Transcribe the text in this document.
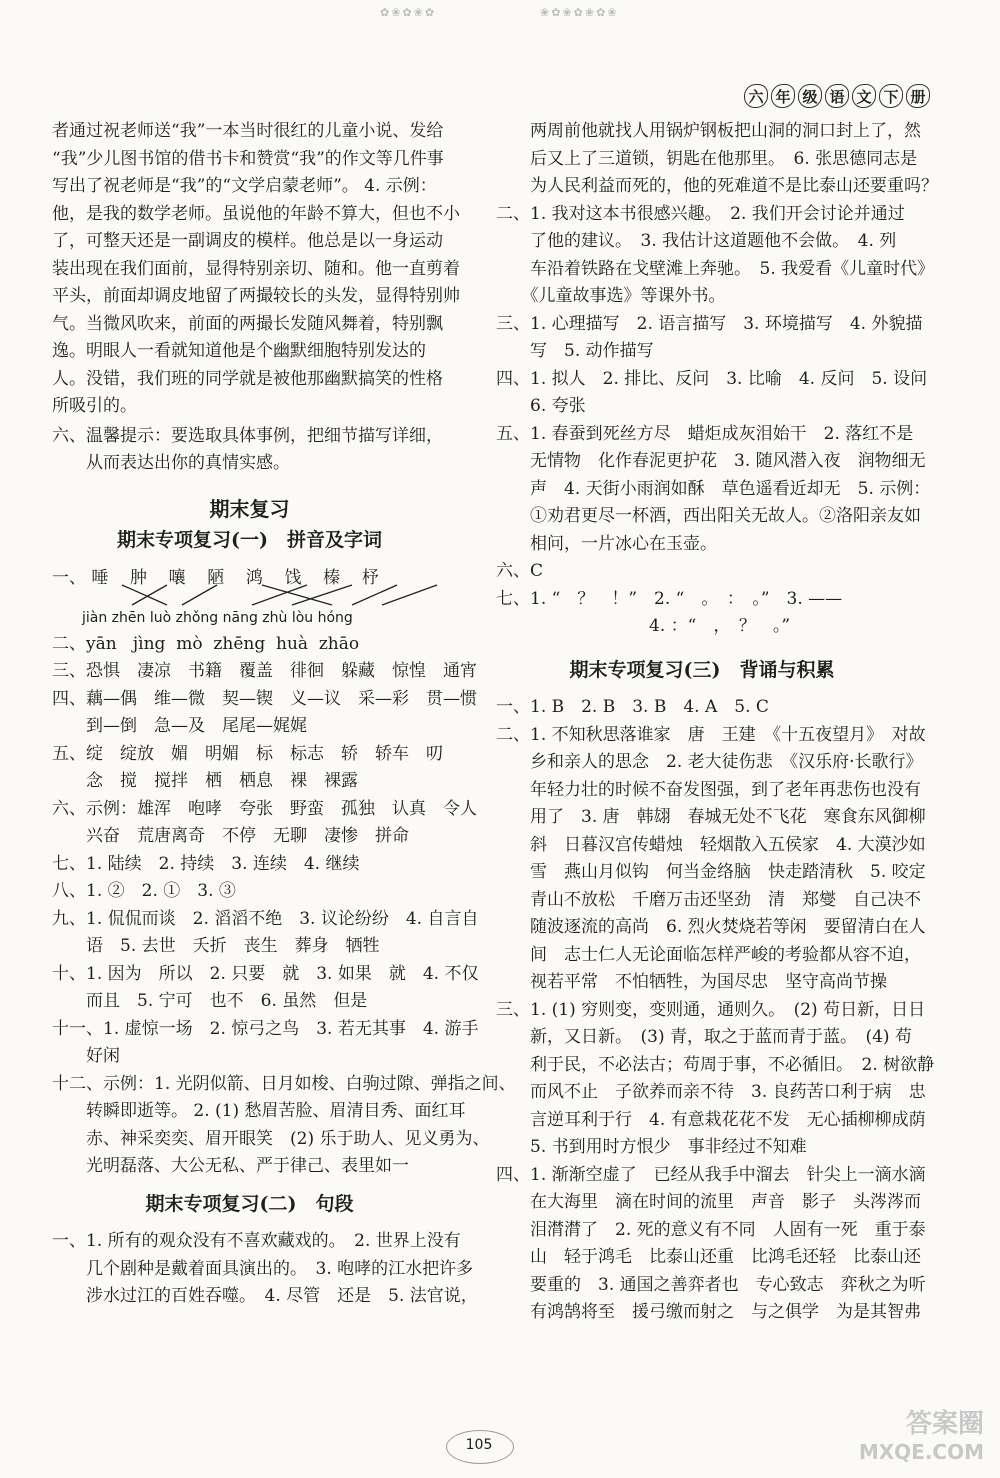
✿❀✿❀✿	❀✿❀✿❀✿❀
六 年 级 语 文 下 册
者通过祝老师送“我”一本当时很红的儿童小说、发给
“我”少儿图书馆的借书卡和赞赏“我”的作文等几件事
写出了祝老师是“我”的“文学启蒙老师”。 4. 示例：
他，是我的数学老师。虽说他的年龄不算大，但也不小
了，可整天还是一副调皮的模样。他总是以一身运动
装出现在我们面前，显得特别亲切、随和。他一直剪着
平头，前面却调皮地留了两撮较长的头发，显得特别帅
气。当微风吹来，前面的两撮长发随风舞着，特别飘
逸。明眼人一看就知道他是个幽默细胞特别发达的
人。没错，我们班的同学就是被他那幽默搞笑的性格
所吸引的。
六、温馨提示：要选取具体事例，把细节描写详细，从而表达出你的真情实感。
期末复习
期末专项复习(一)　拼音及字词
一、 唾    肿    嚷    陋    鸿    饯    榛    杼
jiàn zhēn luò zhǒng nāng zhù lòu hóng
二、yān   jìng  mò  zhēng  huà  zhāo
三、恐惧　凄凉　书籍　覆盖　徘徊　躲藏　惊惶　通宵
四、藕—偶　维—微　契—锲　义—议　采—彩　贯—惯
　　到—倒　急—及　尾尾—娓娓
五、绽　绽放　媚　明媚　标　标志　轿　轿车　叨
　　念　搅　搅拌　栖　栖息　裸　裸露
六、示例：雄浑　咆哮　夸张　野蛮　孤独　认真　令人
　　兴奋　荒唐离奇　不停　无聊　凄惨　拼命
七、1. 陆续　2. 持续　3. 连续　4. 继续
八、1. ②　2. ①　3. ③
九、1. 侃侃而谈　2. 滔滔不绝　3. 议论纷纷　4. 自言自
　　语　5. 去世　夭折　丧生　葬身　牺牲
十、1. 因为　所以　2. 只要　就　3. 如果　就　4. 不仅
　　而且　5. 宁可　也不　6. 虽然　但是
十一、1. 虚惊一场　2. 惊弓之鸟　3. 若无其事　4. 游手
　　好闲
十二、示例：1. 光阴似箭、日月如梭、白驹过隙、弹指之间、
　　转瞬即逝等。 2. (1) 愁眉苦脸、眉清目秀、面红耳
　　赤、神采奕奕、眉开眼笑　(2) 乐于助人、见义勇为、
　　光明磊落、大公无私、严于律己、表里如一
期末专项复习(二)　句段
一、1. 所有的观众没有不喜欢藏戏的。　2. 世界上没有
　　几个剧种是戴着面具演出的。　3. 咆哮的江水把许多
　　涉水过江的百姓吞噬。　4. 尽管　还是　5. 法官说，
　　两周前他就找人用锅炉钢板把山洞的洞口封上了，然
　　后又上了三道锁，钥匙在他那里。　6. 张思德同志是
　　为人民利益而死的，他的死难道不是比泰山还要重吗？
二、1. 我对这本书很感兴趣。　2. 我们开会讨论并通过
　　了他的建议。　3. 我估计这道题他不会做。　4. 列
　　车沿着铁路在戈壁滩上奔驰。　5. 我爱看《儿童时代》
　　《儿童故事选》等课外书。
三、1. 心理描写　2. 语言描写　3. 环境描写　4. 外貌描
　　写　5. 动作描写
四、1. 拟人　2. 排比、反问　3. 比喻　4. 反问　5. 设问
　　6. 夸张
五、1. 春蚕到死丝方尽　蜡炬成灰泪始干　2. 落红不是
　　无情物　化作春泥更护花　3. 随风潜入夜　润物细无
　　声　4. 天街小雨润如酥　草色遥看近却无　5. 示例：
　　①劝君更尽一杯酒，西出阳关无故人。②洛阳亲友如
　　相问，一片冰心在玉壶。
六、C
七、1. “　？　！”　2. “　。　：　。”　3. ——
　　　　　　　　　4. ：“　，　？　。”
期末专项复习(三)　背诵与积累
一、1. B　2. B　3. B　4. A　5. C
二、1. 不知秋思落谁家　唐　王建　《十五夜望月》　对故
　　乡和亲人的思念　2. 老大徒伤悲　《汉乐府·长歌行》
　　年轻力壮的时候不奋发图强，到了老年再悲伤也没有
　　用了　3. 唐　韩翃　春城无处不飞花　寒食东风御柳
　　斜　日暮汉宫传蜡烛　轻烟散入五侯家　4. 大漠沙如
　　雪　燕山月似钩　何当金络脑　快走踏清秋　5. 咬定
　　青山不放松　千磨万击还坚劲　清　郑燮　自己决不
　　随波逐流的高尚　6. 烈火焚烧若等闲　要留清白在人
　　间　志士仁人无论面临怎样严峻的考验都从容不迫，
　　视若平常　不怕牺牲，为国尽忠　坚守高尚节操
三、1. (1) 穷则变，变则通，通则久。　(2) 苟日新，日日
　　新，又日新。　(3) 青，取之于蓝而青于蓝。　(4) 苟
　　利于民，不必法古；苟周于事，不必循旧。　2. 树欲静
　　而风不止　子欲养而亲不待　3. 良药苦口利于病　忠
　　言逆耳利于行　4. 有意栽花花不发　无心插柳柳成荫
　　5. 书到用时方恨少　事非经过不知难
四、1. 渐渐空虚了　已经从我手中溜去　针尖上一滴水滴
　　在大海里　滴在时间的流里　声音　影子　头涔涔而
　　泪潸潸了　2. 死的意义有不同　人固有一死　重于泰
　　山　轻于鸿毛　比泰山还重　比鸿毛还轻　比泰山还
　　要重的　3. 通国之善弈者也　专心致志　弈秋之为听
　　有鸿鹄将至　援弓缴而射之　与之俱学　为是其智弗
105
答案圈
MXQE.COM
